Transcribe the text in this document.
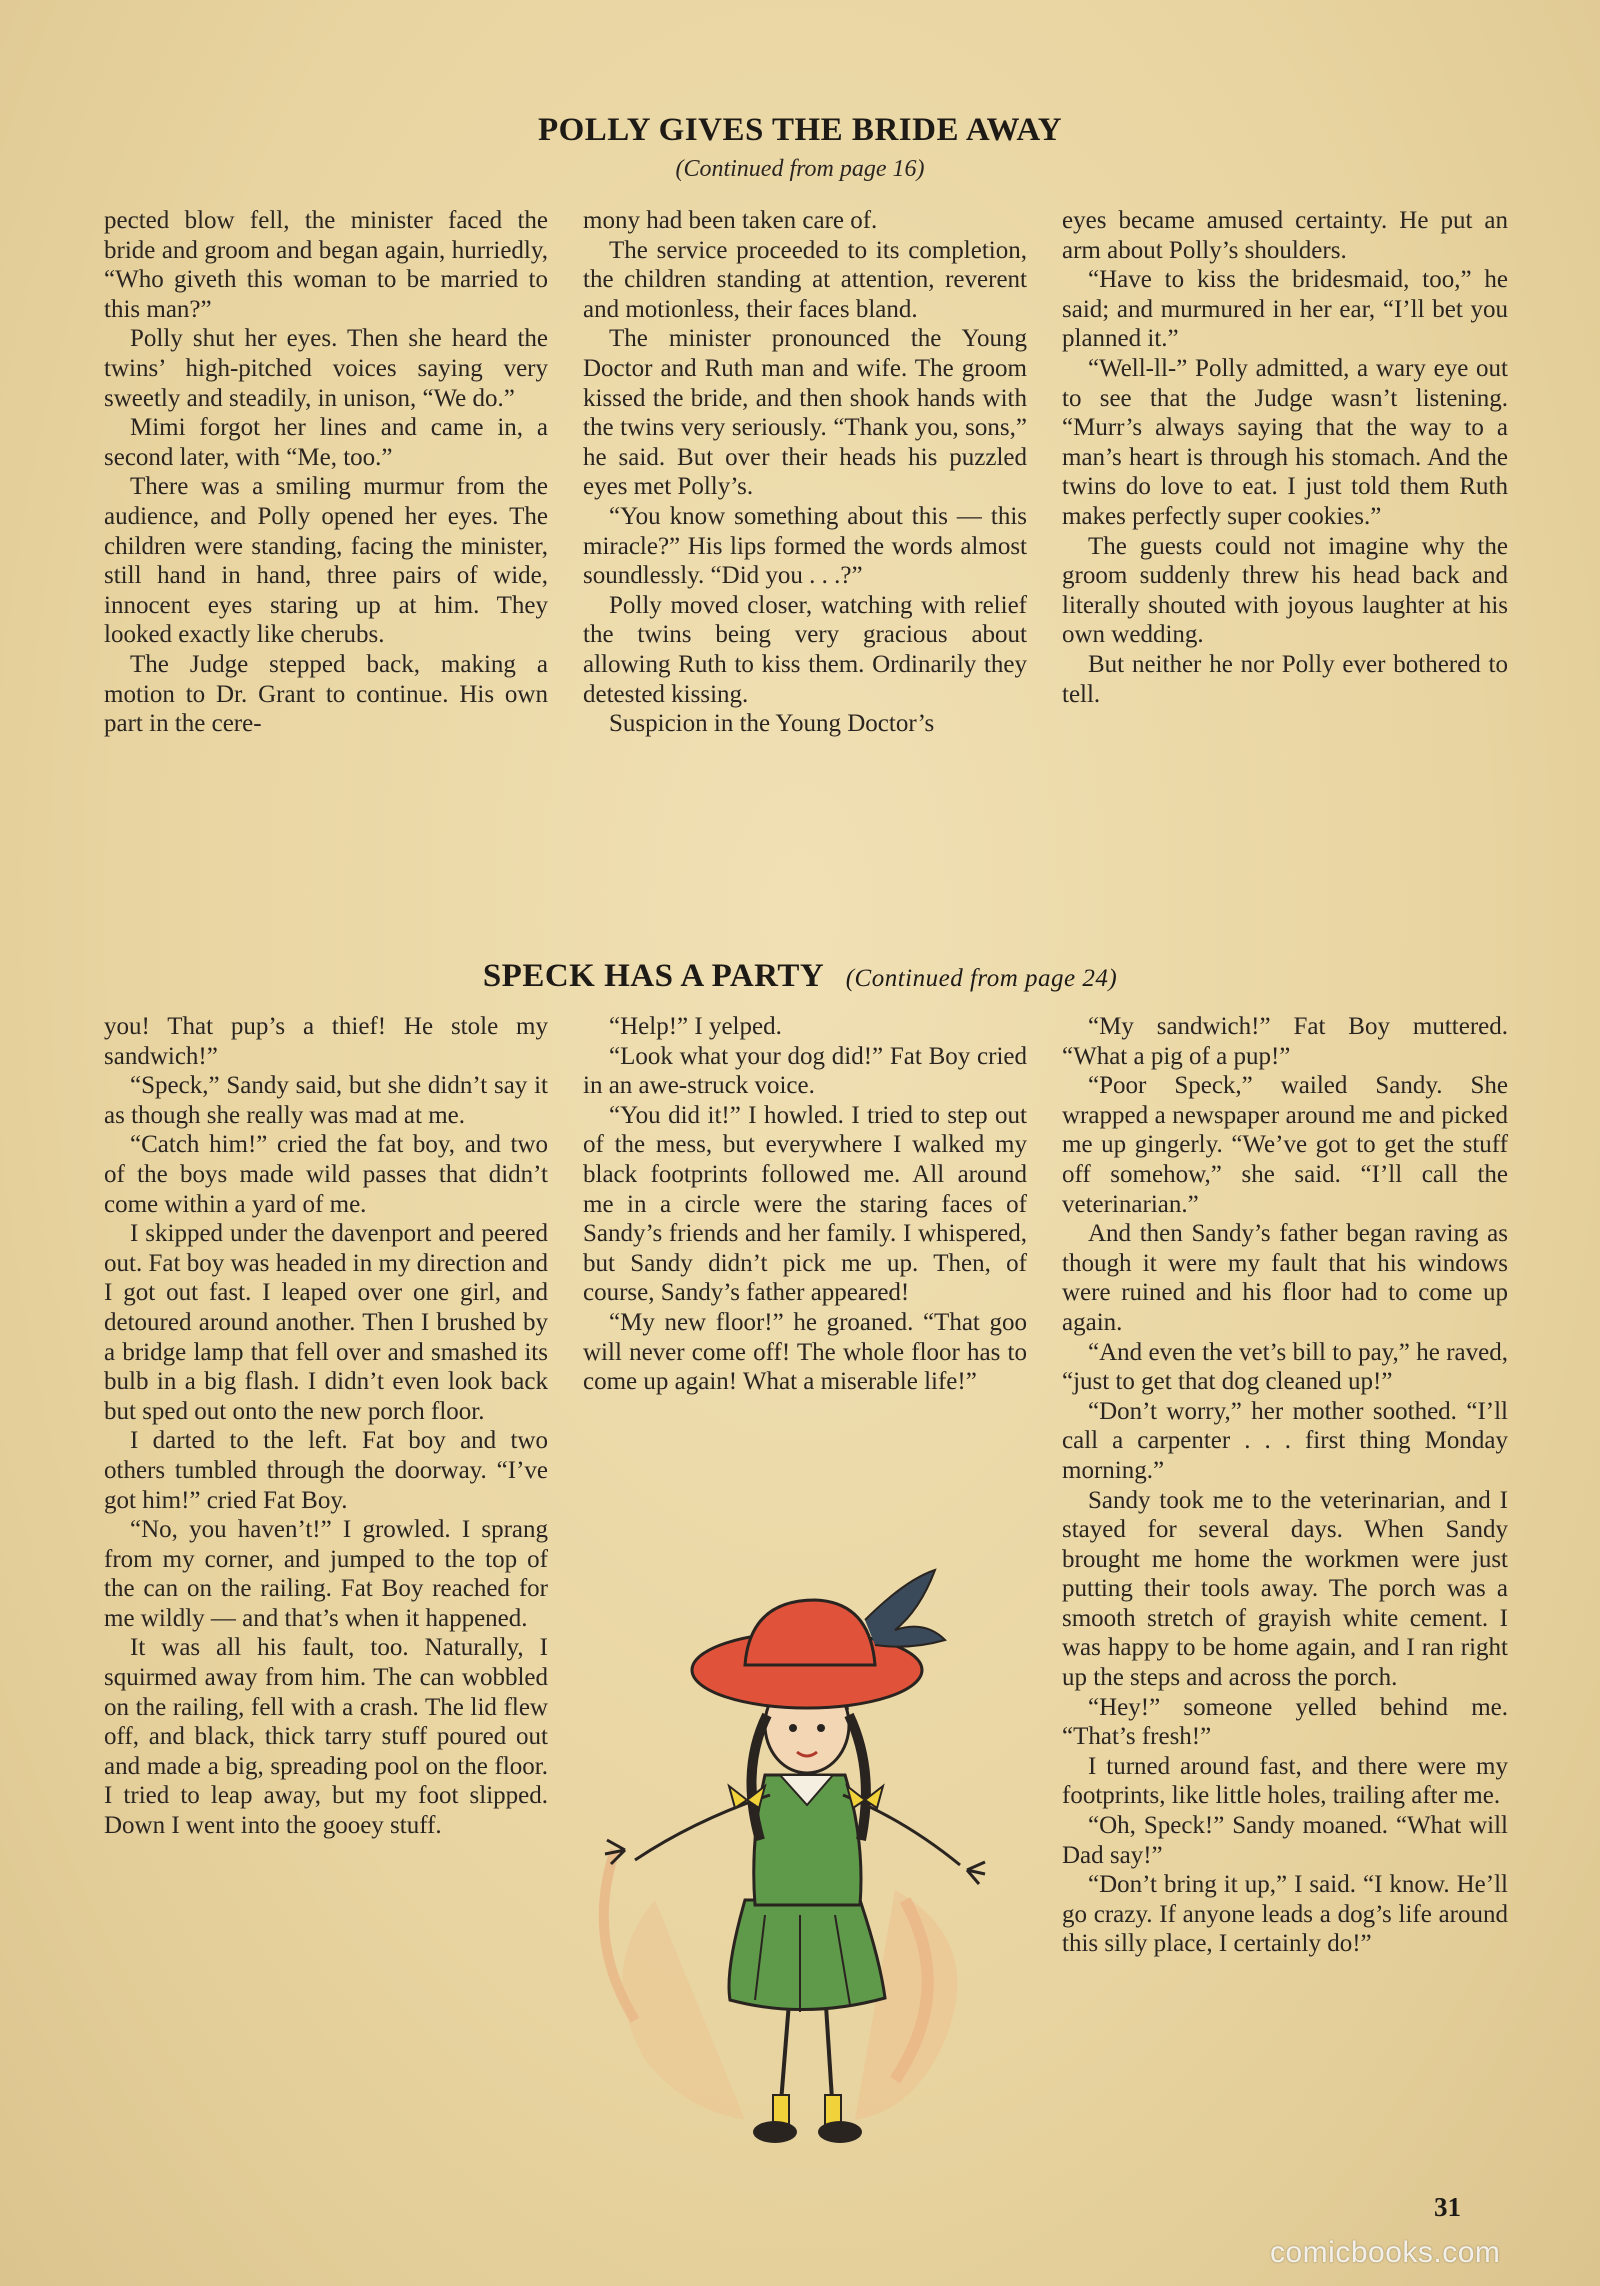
POLLY GIVES THE BRIDE AWAY
(Continued from page 16)

pected blow fell, the minister faced the bride and groom and began again, hurriedly, “Who giveth this woman to be married to this man?”

Polly shut her eyes. Then she heard the twins’ high-pitched voices saying very sweetly and steadily, in unison, “We do.”

Mimi forgot her lines and came in, a second later, with “Me, too.”

There was a smiling murmur from the audience, and Polly opened her eyes. The children were standing, facing the minister, still hand in hand, three pairs of wide, innocent eyes staring up at him. They looked exactly like cherubs.

The Judge stepped back, making a motion to Dr. Grant to continue. His own part in the cere-

mony had been taken care of.

The service proceeded to its completion, the children standing at attention, reverent and motionless, their faces bland.

The minister pronounced the Young Doctor and Ruth man and wife. The groom kissed the bride, and then shook hands with the twins very seriously. “Thank you, sons,” he said. But over their heads his puzzled eyes met Polly’s.

“You know something about this — this miracle?” His lips formed the words almost soundlessly. “Did you . . .?”

Polly moved closer, watching with relief the twins being very gracious about allowing Ruth to kiss them. Ordinarily they detested kissing.

Suspicion in the Young Doctor’s

eyes became amused certainty. He put an arm about Polly’s shoulders.

“Have to kiss the bridesmaid, too,” he said; and murmured in her ear, “I’ll bet you planned it.”

“Well-ll-” Polly admitted, a wary eye out to see that the Judge wasn’t listening. “Murr’s always saying that the way to a man’s heart is through his stomach. And the twins do love to eat. I just told them Ruth makes perfectly super cookies.”

The guests could not imagine why the groom suddenly threw his head back and literally shouted with joyous laughter at his own wedding.

But neither he nor Polly ever bothered to tell.

SPECK HAS A PARTY (Continued from page 24)

you! That pup’s a thief! He stole my sandwich!”

“Speck,” Sandy said, but she didn’t say it as though she really was mad at me.

“Catch him!” cried the fat boy, and two of the boys made wild passes that didn’t come within a yard of me.

I skipped under the davenport and peered out. Fat boy was headed in my direction and I got out fast. I leaped over one girl, and detoured around another. Then I brushed by a bridge lamp that fell over and smashed its bulb in a big flash. I didn’t even look back but sped out onto the new porch floor.

I darted to the left. Fat boy and two others tumbled through the doorway. “I’ve got him!” cried Fat Boy.

“No, you haven’t!” I growled. I sprang from my corner, and jumped to the top of the can on the railing. Fat Boy reached for me wildly — and that’s when it happened.

It was all his fault, too. Naturally, I squirmed away from him. The can wobbled on the railing, fell with a crash. The lid flew off, and black, thick tarry stuff poured out and made a big, spreading pool on the floor. I tried to leap away, but my foot slipped. Down I went into the gooey stuff.

“Help!” I yelped.

“Look what your dog did!” Fat Boy cried in an awe-struck voice.

“You did it!” I howled. I tried to step out of the mess, but everywhere I walked my black footprints followed me. All around me in a circle were the staring faces of Sandy’s friends and her family. I whispered, but Sandy didn’t pick me up. Then, of course, Sandy’s father appeared!

“My new floor!” he groaned. “That goo will never come off! The whole floor has to come up again! What a miserable life!”

“My sandwich!” Fat Boy muttered. “What a pig of a pup!”

“Poor Speck,” wailed Sandy. She wrapped a newspaper around me and picked me up gingerly. “We’ve got to get the stuff off somehow,” she said. “I’ll call the veterinarian.”

And then Sandy’s father began raving as though it were my fault that his windows were ruined and his floor had to come up again.

“And even the vet’s bill to pay,” he raved, “just to get that dog cleaned up!”

“Don’t worry,” her mother soothed. “I’ll call a carpenter . . . first thing Monday morning.”

Sandy took me to the veterinarian, and I stayed for several days. When Sandy brought me home the workmen were just putting their tools away. The porch was a smooth stretch of grayish white cement. I was happy to be home again, and I ran right up the steps and across the porch.

“Hey!” someone yelled behind me. “That’s fresh!”

I turned around fast, and there were my footprints, like little holes, trailing after me.

“Oh, Speck!” Sandy moaned. “What will Dad say!”

“Don’t bring it up,” I said. “I know. He’ll go crazy. If anyone leads a dog’s life around this silly place, I certainly do!”

31
comicbooks.com
